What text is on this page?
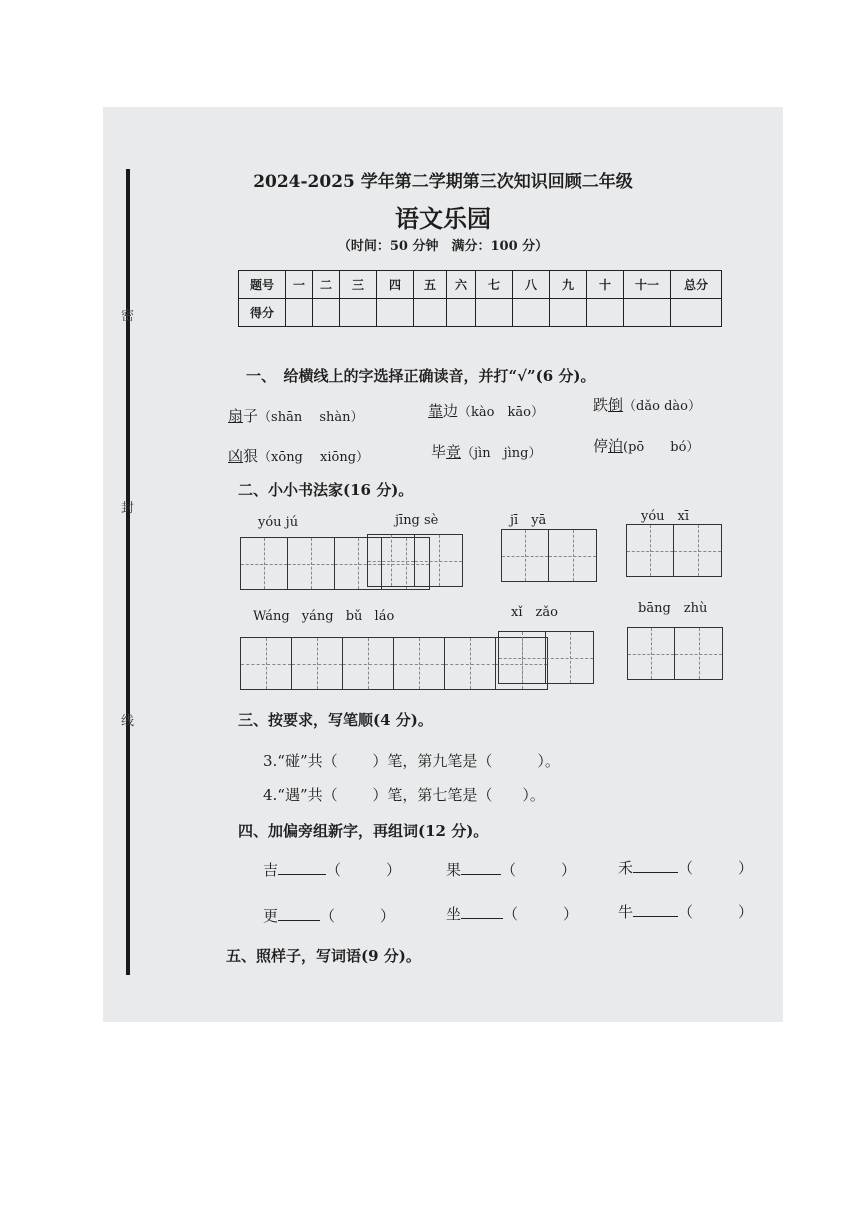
密
封
线
2024-2025 学年第二学期第三次知识回顾二年级
语文乐园
（时间：50 分钟　满分：100 分）
题号	一	二	三	四	五	六	七	八	九	十	十一	总分
得分												
一、　给横线上的字选择正确读音，并打“√”(6 分)。
扇子（shān　 shàn）	靠边（kào　kāo）	跌倒（dǎo dào）
凶狠（xōng　 xiōng）	毕竟（jìn　jìng）	停泊(pō　　bó）
二、小小书法家(16 分)。
yóu jú	jīng sè	jī　yā	yóu　xī
Wáng yáng bǔ láo	xǐ　zǎo	bāng　zhù
三、按要求，写笔顺(4 分)。
3.“碰”共（　　 ）笔，第九笔是（　　　）。
4.“遇”共（　　 ）笔，第七笔是（　　）。
四、加偏旁组新字，再组词(12 分)。
吉	（　　　）	果	（　　　）	禾	（　　　）
更	（　　　）	坐	（　　　）	牛	（　　　）
五、照样子，写词语(9 分)。
